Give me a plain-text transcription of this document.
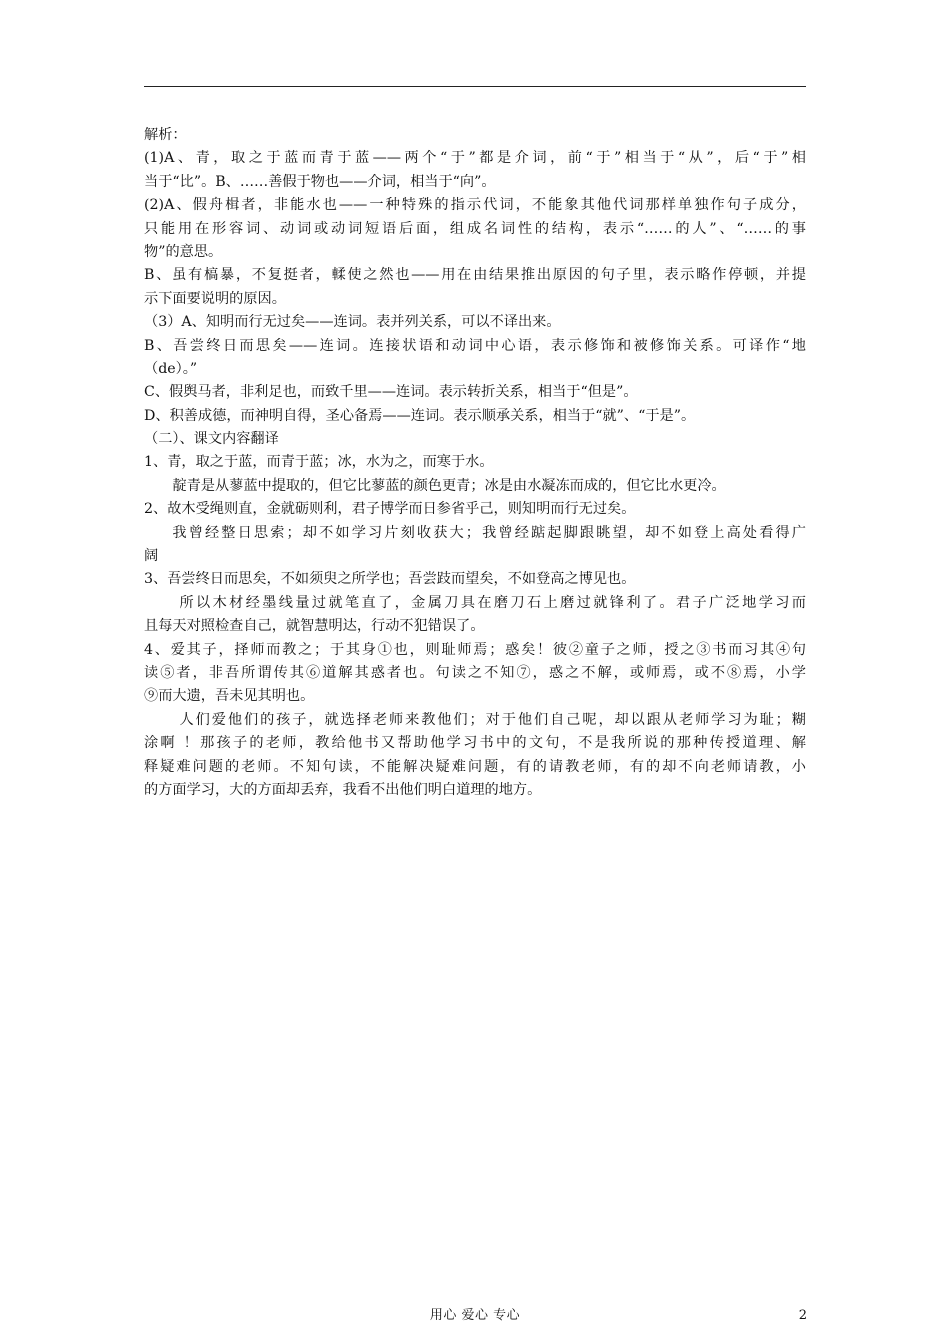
解析：
(1)A、青，取之于蓝而青于蓝——两个“于”都是介词，前“于”相当于“从”，后“于”相
当于“比”。B、……善假于物也——介词，相当于“向”。
(2)A、假舟楫者，非能水也——一种特殊的指示代词，不能象其他代词那样单独作句子成分，
只能用在形容词、动词或动词短语后面，组成名词性的结构，表示“……的人”、“……的事
物”的意思。
B、虽有槁暴，不复挺者，輮使之然也——用在由结果推出原因的句子里，表示略作停顿，并提
示下面要说明的原因。
（3）A、知明而行无过矣——连词。表并列关系，可以不译出来。
B、吾尝终日而思矣——连词。连接状语和动词中心语，表示修饰和被修饰关系。可译作“地
（de）。”
C、假舆马者，非利足也，而致千里——连词。表示转折关系，相当于“但是”。
D、积善成德，而神明自得，圣心备焉——连词。表示顺承关系，相当于“就”、“于是”。
（二）、课文内容翻译
1、青，取之于蓝，而青于蓝；冰，水为之，而寒于水。
靛青是从蓼蓝中提取的，但它比蓼蓝的颜色更青；冰是由水凝冻而成的，但它比水更冷。
2、故木受绳则直，金就砺则利，君子博学而日参省乎己，则知明而行无过矣。
我曾经整日思索；却不如学习片刻收获大；我曾经踮起脚跟眺望，却不如登上高处看得广
阔
3、吾尝终日而思矣，不如须臾之所学也；吾尝跂而望矣，不如登高之博见也。
所以木材经墨线量过就笔直了，金属刀具在磨刀石上磨过就锋利了。君子广泛地学习而
且每天对照检查自己，就智慧明达，行动不犯错误了。
4、爱其子，择师而教之；于其身①也，则耻师焉；惑矣！彼②童子之师，授之③书而习其④句
读⑤者，非吾所谓传其⑥道解其惑者也。句读之不知⑦，惑之不解，或师焉，或不⑧焉，小学
⑨而大遗，吾未见其明也。
人们爱他们的孩子，就选择老师来教他们；对于他们自己呢，却以跟从老师学习为耻；糊
涂啊 ！那孩子的老师，教给他书又帮助他学习书中的文句，不是我所说的那种传授道理、解
释疑难问题的老师。不知句读，不能解决疑难问题，有的请教老师，有的却不向老师请教，小
的方面学习，大的方面却丢弃，我看不出他们明白道理的地方。
用心 爱心 专心	2
